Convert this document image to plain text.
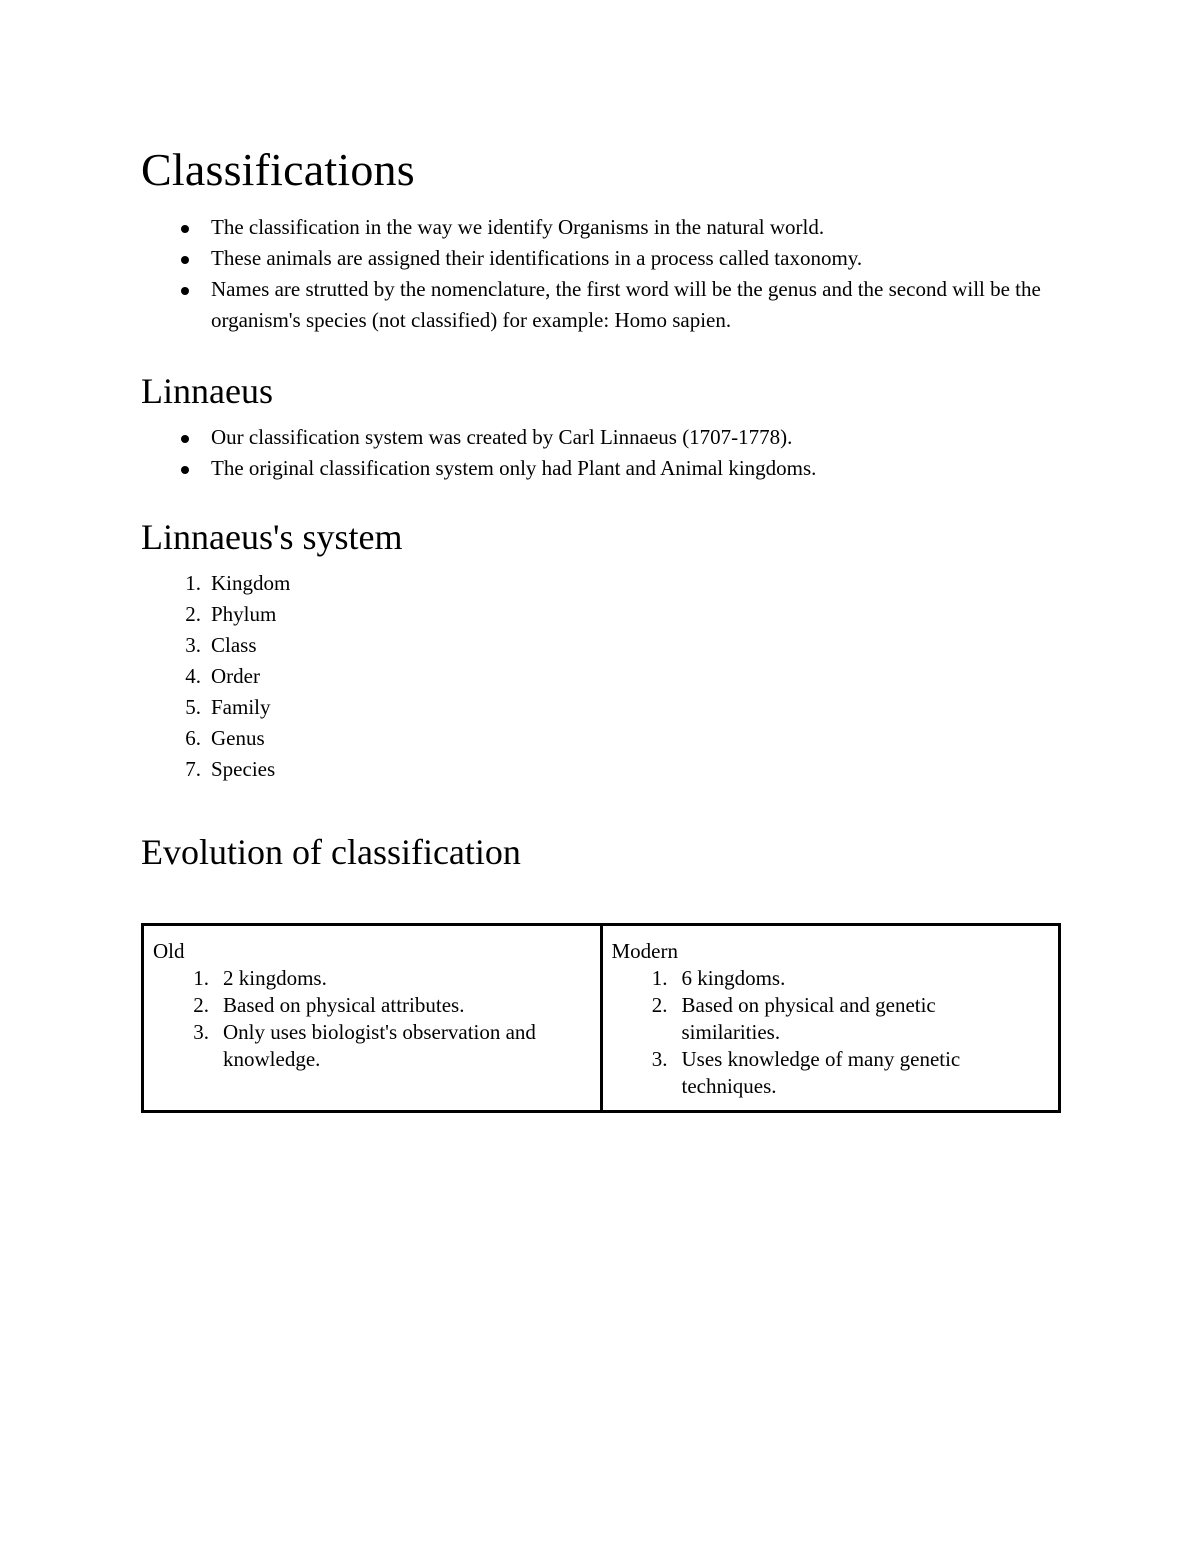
Classifications
The classification in the way we identify Organisms in the natural world.
These animals are assigned their identifications in a process called taxonomy.
Names are strutted by the nomenclature, the first word will be the genus and the second will be the organism's species (not classified) for example: Homo sapien.
Linnaeus
Our classification system was created by Carl Linnaeus (1707-1778).
The original classification system only had Plant and Animal kingdoms.
Linnaeus's system
1. Kingdom
2. Phylum
3. Class
4. Order
5. Family
6. Genus
7. Species
Evolution of classification
Old
1. 2 kingdoms.
2. Based on physical attributes.
3. Only uses biologist's observation and knowledge.

Modern
1. 6 kingdoms.
2. Based on physical and genetic similarities.
3. Uses knowledge of many genetic techniques.
